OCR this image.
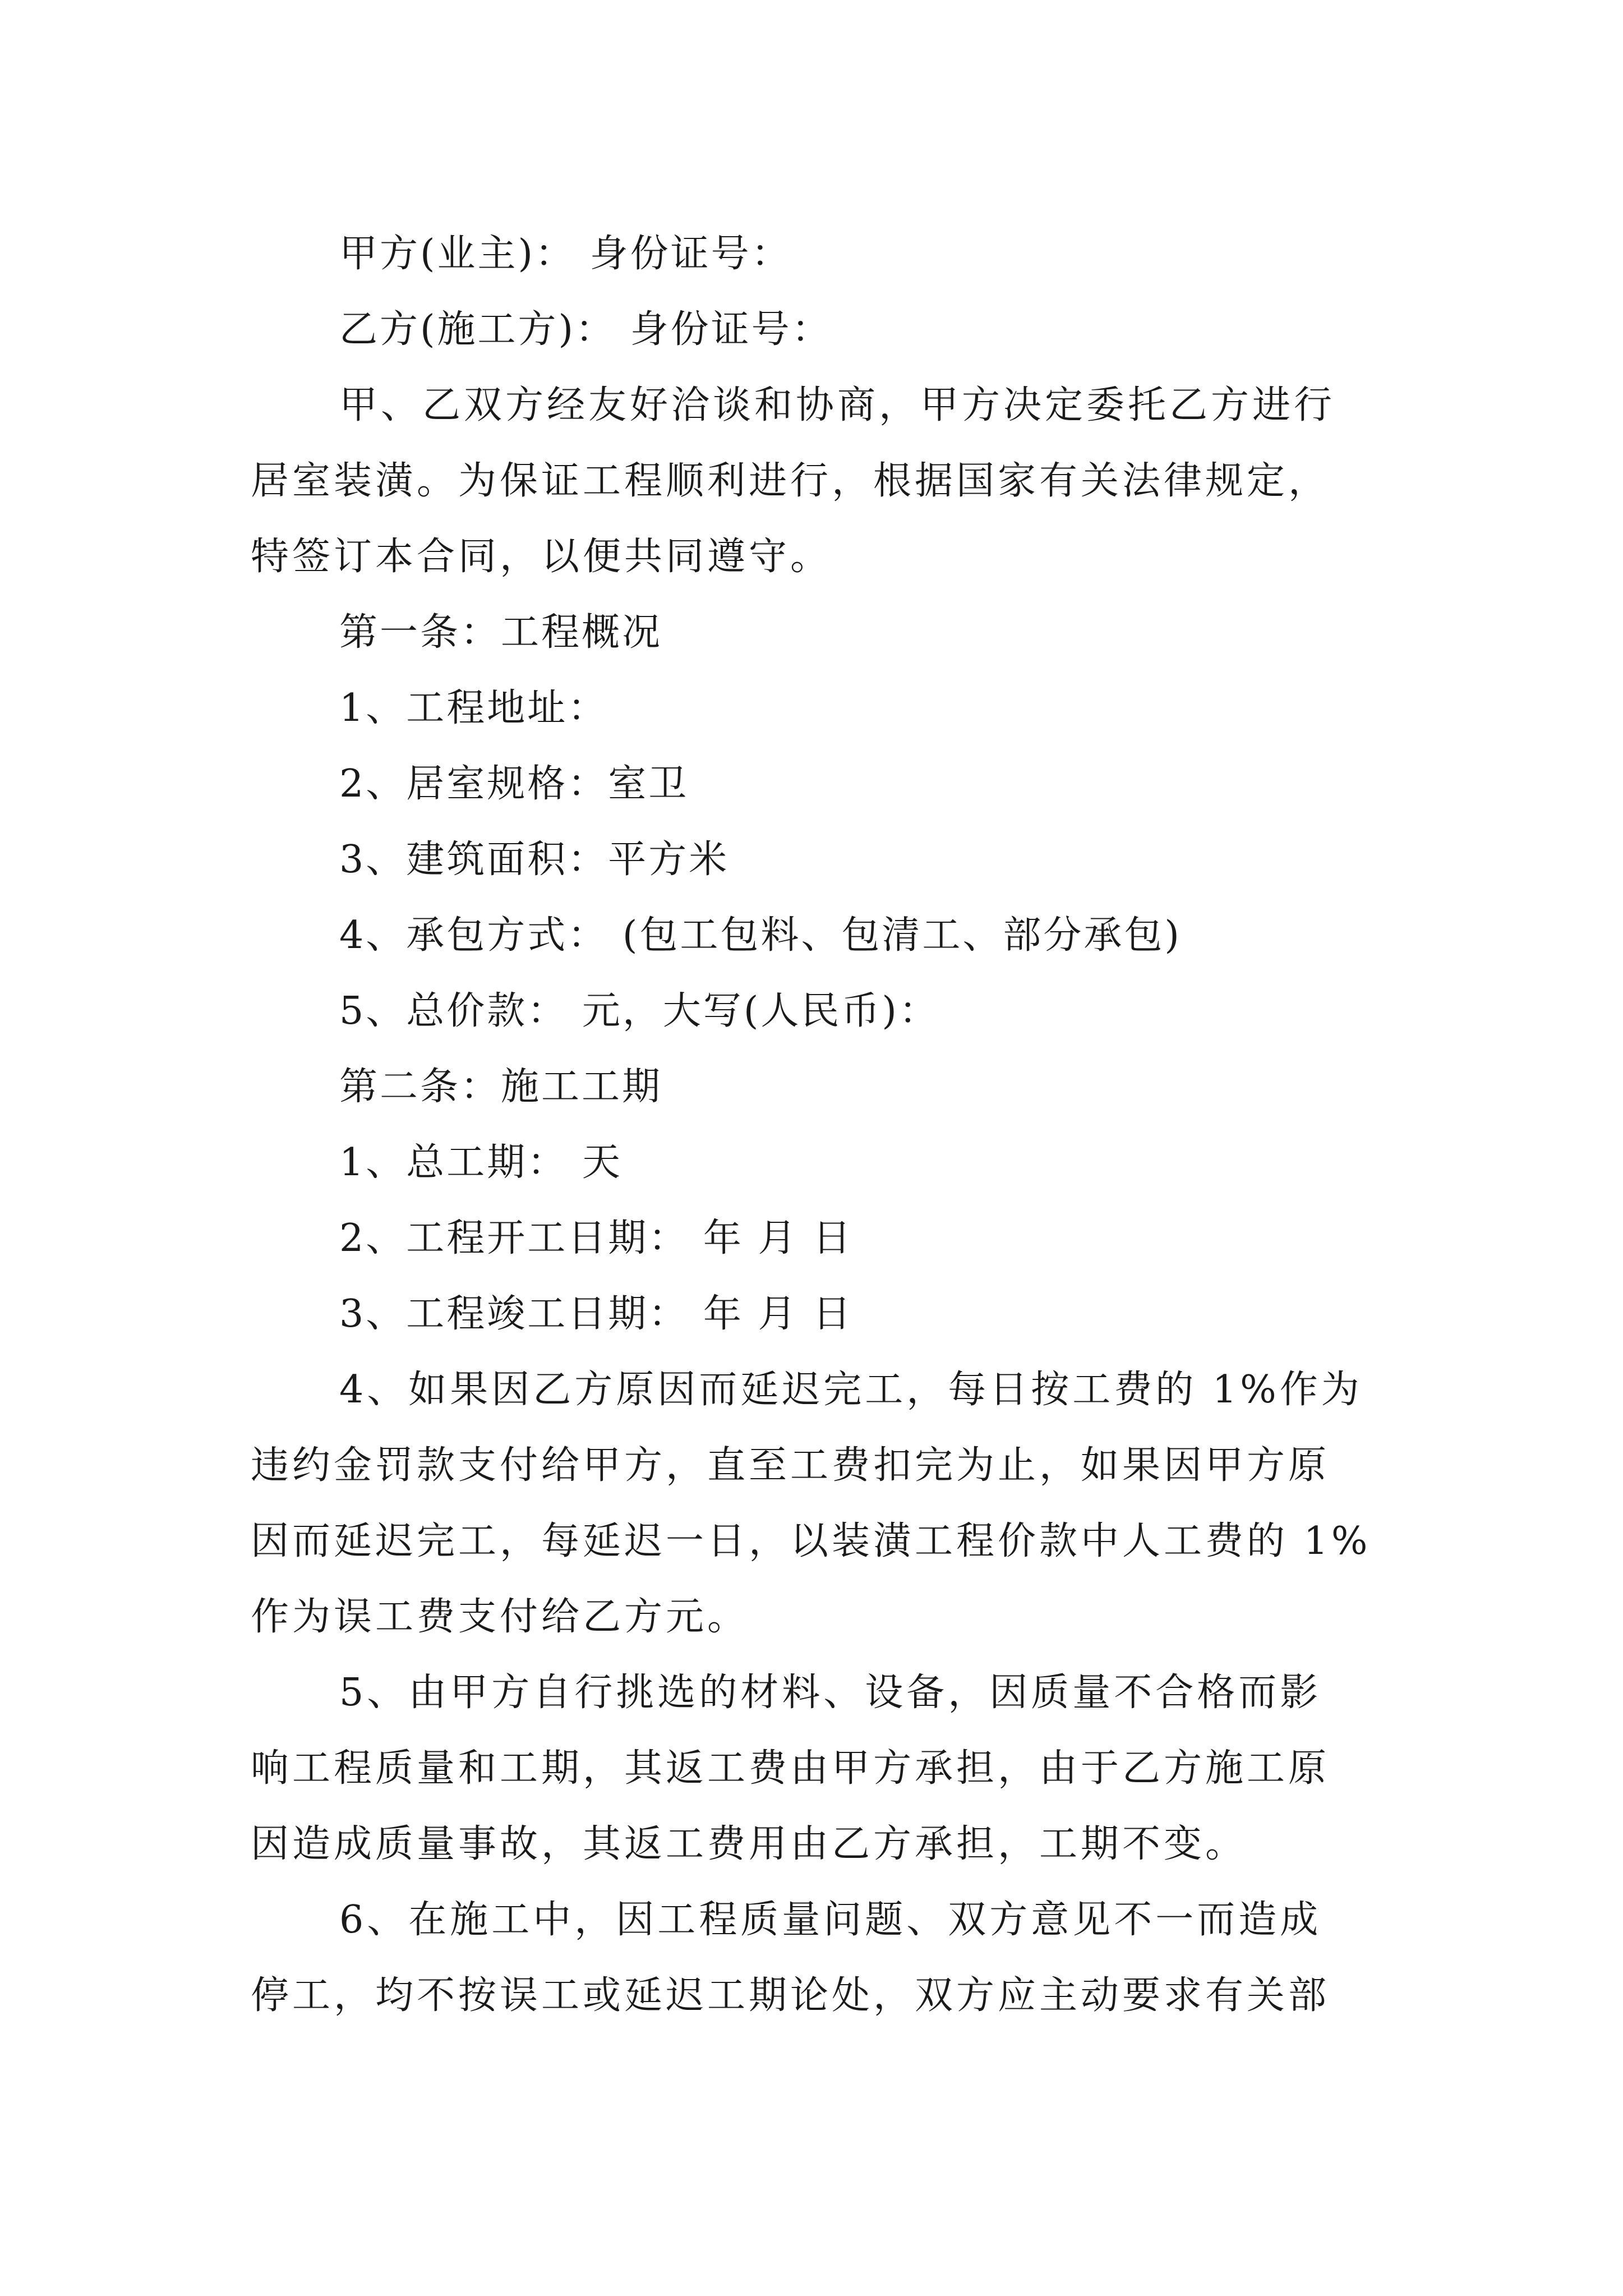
甲方(业主)： 身份证号：
乙方(施工方)： 身份证号：
甲、乙双方经友好洽谈和协商，甲方决定委托乙方进行
居室装潢。为保证工程顺利进行，根据国家有关法律规定，
特签订本合同，以便共同遵守。
第一条：工程概况
1、工程地址：
2、居室规格：室卫
3、建筑面积：平方米
4、承包方式： (包工包料、包清工、部分承包)
5、总价款： 元，大写(人民币)：
第二条：施工工期
1、总工期： 天
2、工程开工日期： 年 月 日
3、工程竣工日期： 年 月 日
4、如果因乙方原因而延迟完工，每日按工费的 1%作为
违约金罚款支付给甲方，直至工费扣完为止，如果因甲方原
因而延迟完工，每延迟一日，以装潢工程价款中人工费的 1%
作为误工费支付给乙方元。
5、由甲方自行挑选的材料、设备，因质量不合格而影
响工程质量和工期，其返工费由甲方承担，由于乙方施工原
因造成质量事故，其返工费用由乙方承担，工期不变。
6、在施工中，因工程质量问题、双方意见不一而造成
停工，均不按误工或延迟工期论处，双方应主动要求有关部
